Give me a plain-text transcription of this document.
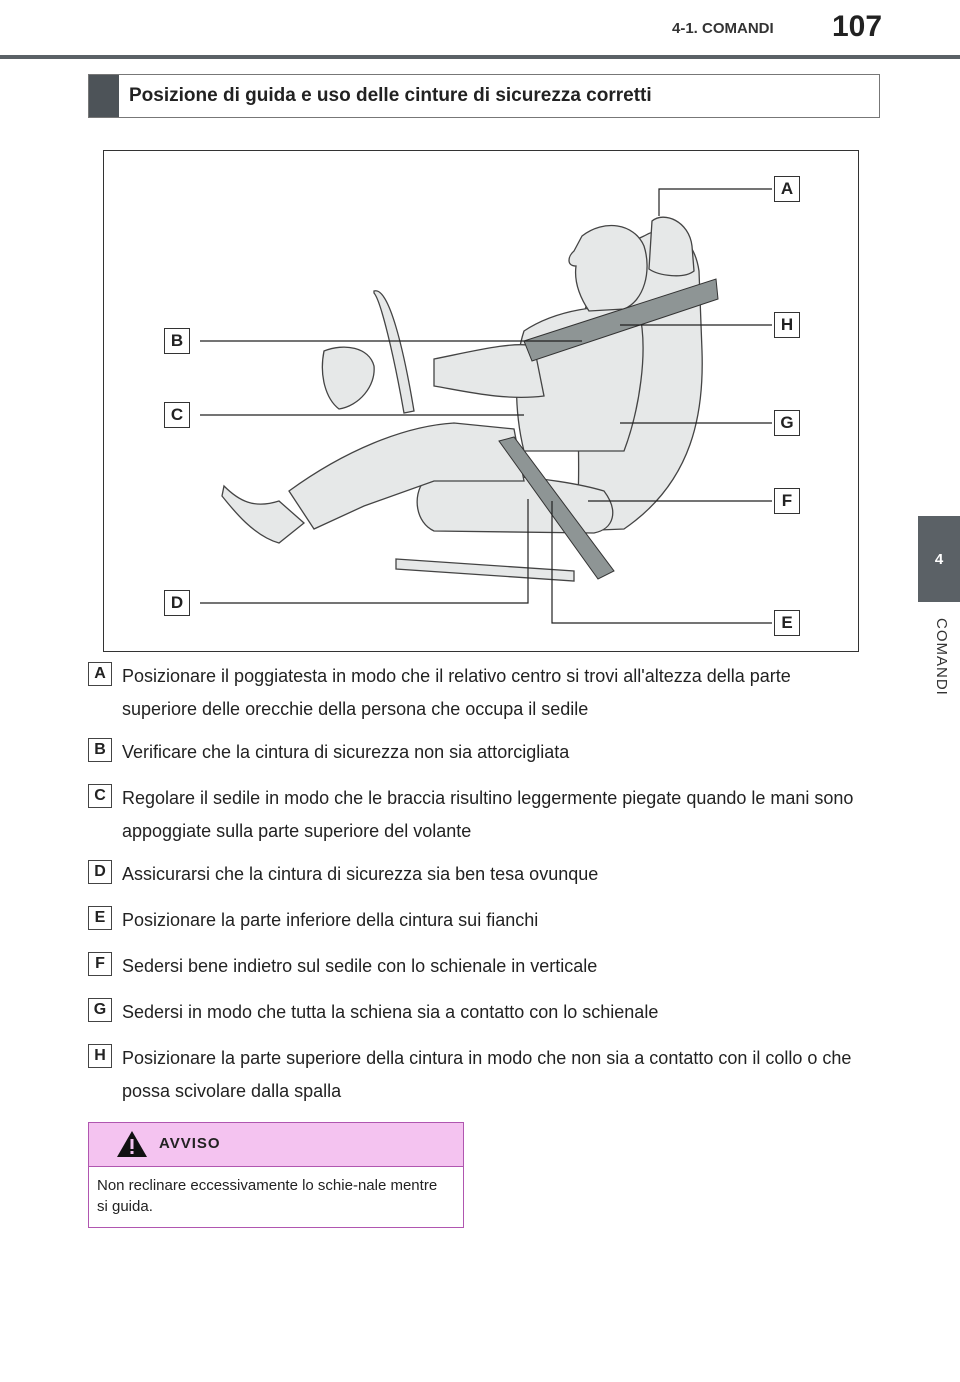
4-1. COMANDI 107
4
COMANDI
Posizione di guida e uso delle cinture di sicurezza corretti
A
B
C
D
E
F
G
H
A Posizionare il poggiatesta in modo che il relativo centro si trovi all'altezza della parte superiore delle orecchie della persona che occupa il sedile
B Verificare che la cintura di sicurezza non sia attorcigliata
C Regolare il sedile in modo che le braccia risultino leggermente piegate quando le mani sono appoggiate sulla parte superiore del volante
D Assicurarsi che la cintura di sicurezza sia ben tesa ovunque
E Posizionare la parte inferiore della cintura sui fianchi
F Sedersi bene indietro sul sedile con lo schienale in verticale
G Sedersi in modo che tutta la schiena sia a contatto con lo schienale
H Posizionare la parte superiore della cintura in modo che non sia a contatto con il collo o che possa scivolare dalla spalla
AVVISO
Non reclinare eccessivamente lo schie-nale mentre si guida.
